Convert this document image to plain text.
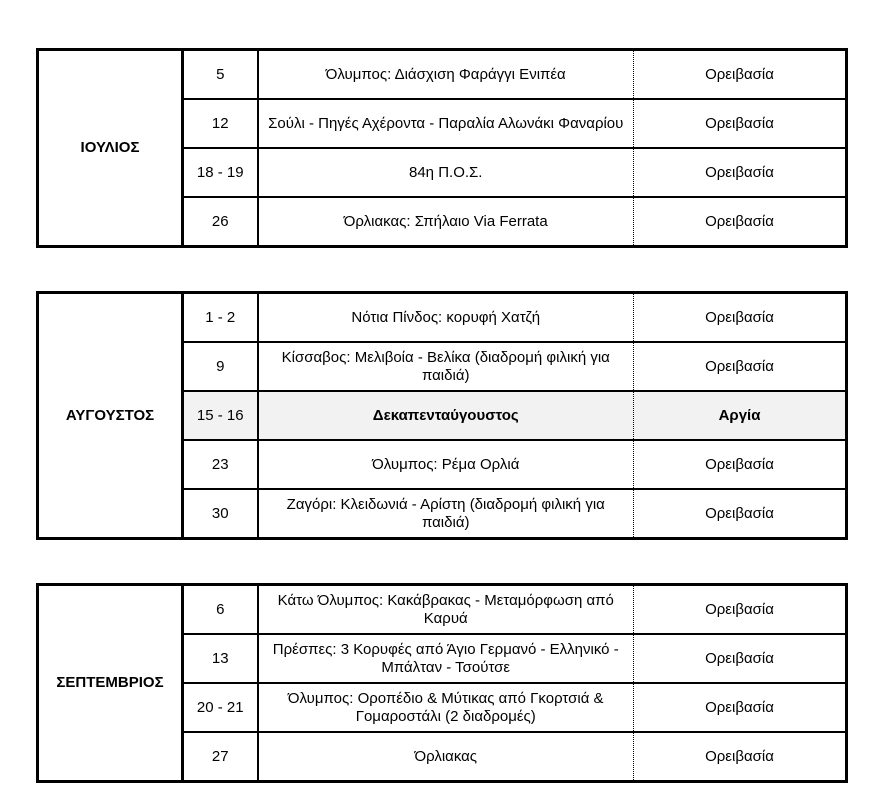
ΙΟΥΛΙΟΣ	5	Όλυμπος: Διάσχιση Φαράγγι Ενιπέα	Ορειβασία
	12	Σούλι - Πηγές Αχέροντα - Παραλία Αλωνάκι Φαναρίου	Ορειβασία
	18 - 19	84η Π.Ο.Σ.	Ορειβασία
	26	Όρλιακας: Σπήλαιο Via Ferrata	Ορειβασία
ΑΥΓΟΥΣΤΟΣ	1 - 2	Νότια Πίνδος: κορυφή Χατζή	Ορειβασία
	9	Κίσσαβος: Μελιβοία - Βελίκα (διαδρομή φιλική για παιδιά)	Ορειβασία
	15 - 16	Δεκαπενταύγουστος	Αργία
	23	Όλυμπος: Ρέμα Ορλιά	Ορειβασία
	30	Ζαγόρι: Κλειδωνιά - Αρίστη (διαδρομή φιλική για παιδιά)	Ορειβασία
ΣΕΠΤΕΜΒΡΙΟΣ	6	Κάτω Όλυμπος: Κακάβρακας - Μεταμόρφωση από Καρυά	Ορειβασία
	13	Πρέσπες: 3 Κορυφές από Άγιο Γερμανό - Ελληνικό - Μπάλταν - Τσούτσε	Ορειβασία
	20 - 21	Όλυμπος: Οροπέδιο & Μύτικας από Γκορτσιά & Γομαροστάλι (2 διαδρομές)	Ορειβασία
	27	Όρλιακας	Ορειβασία
